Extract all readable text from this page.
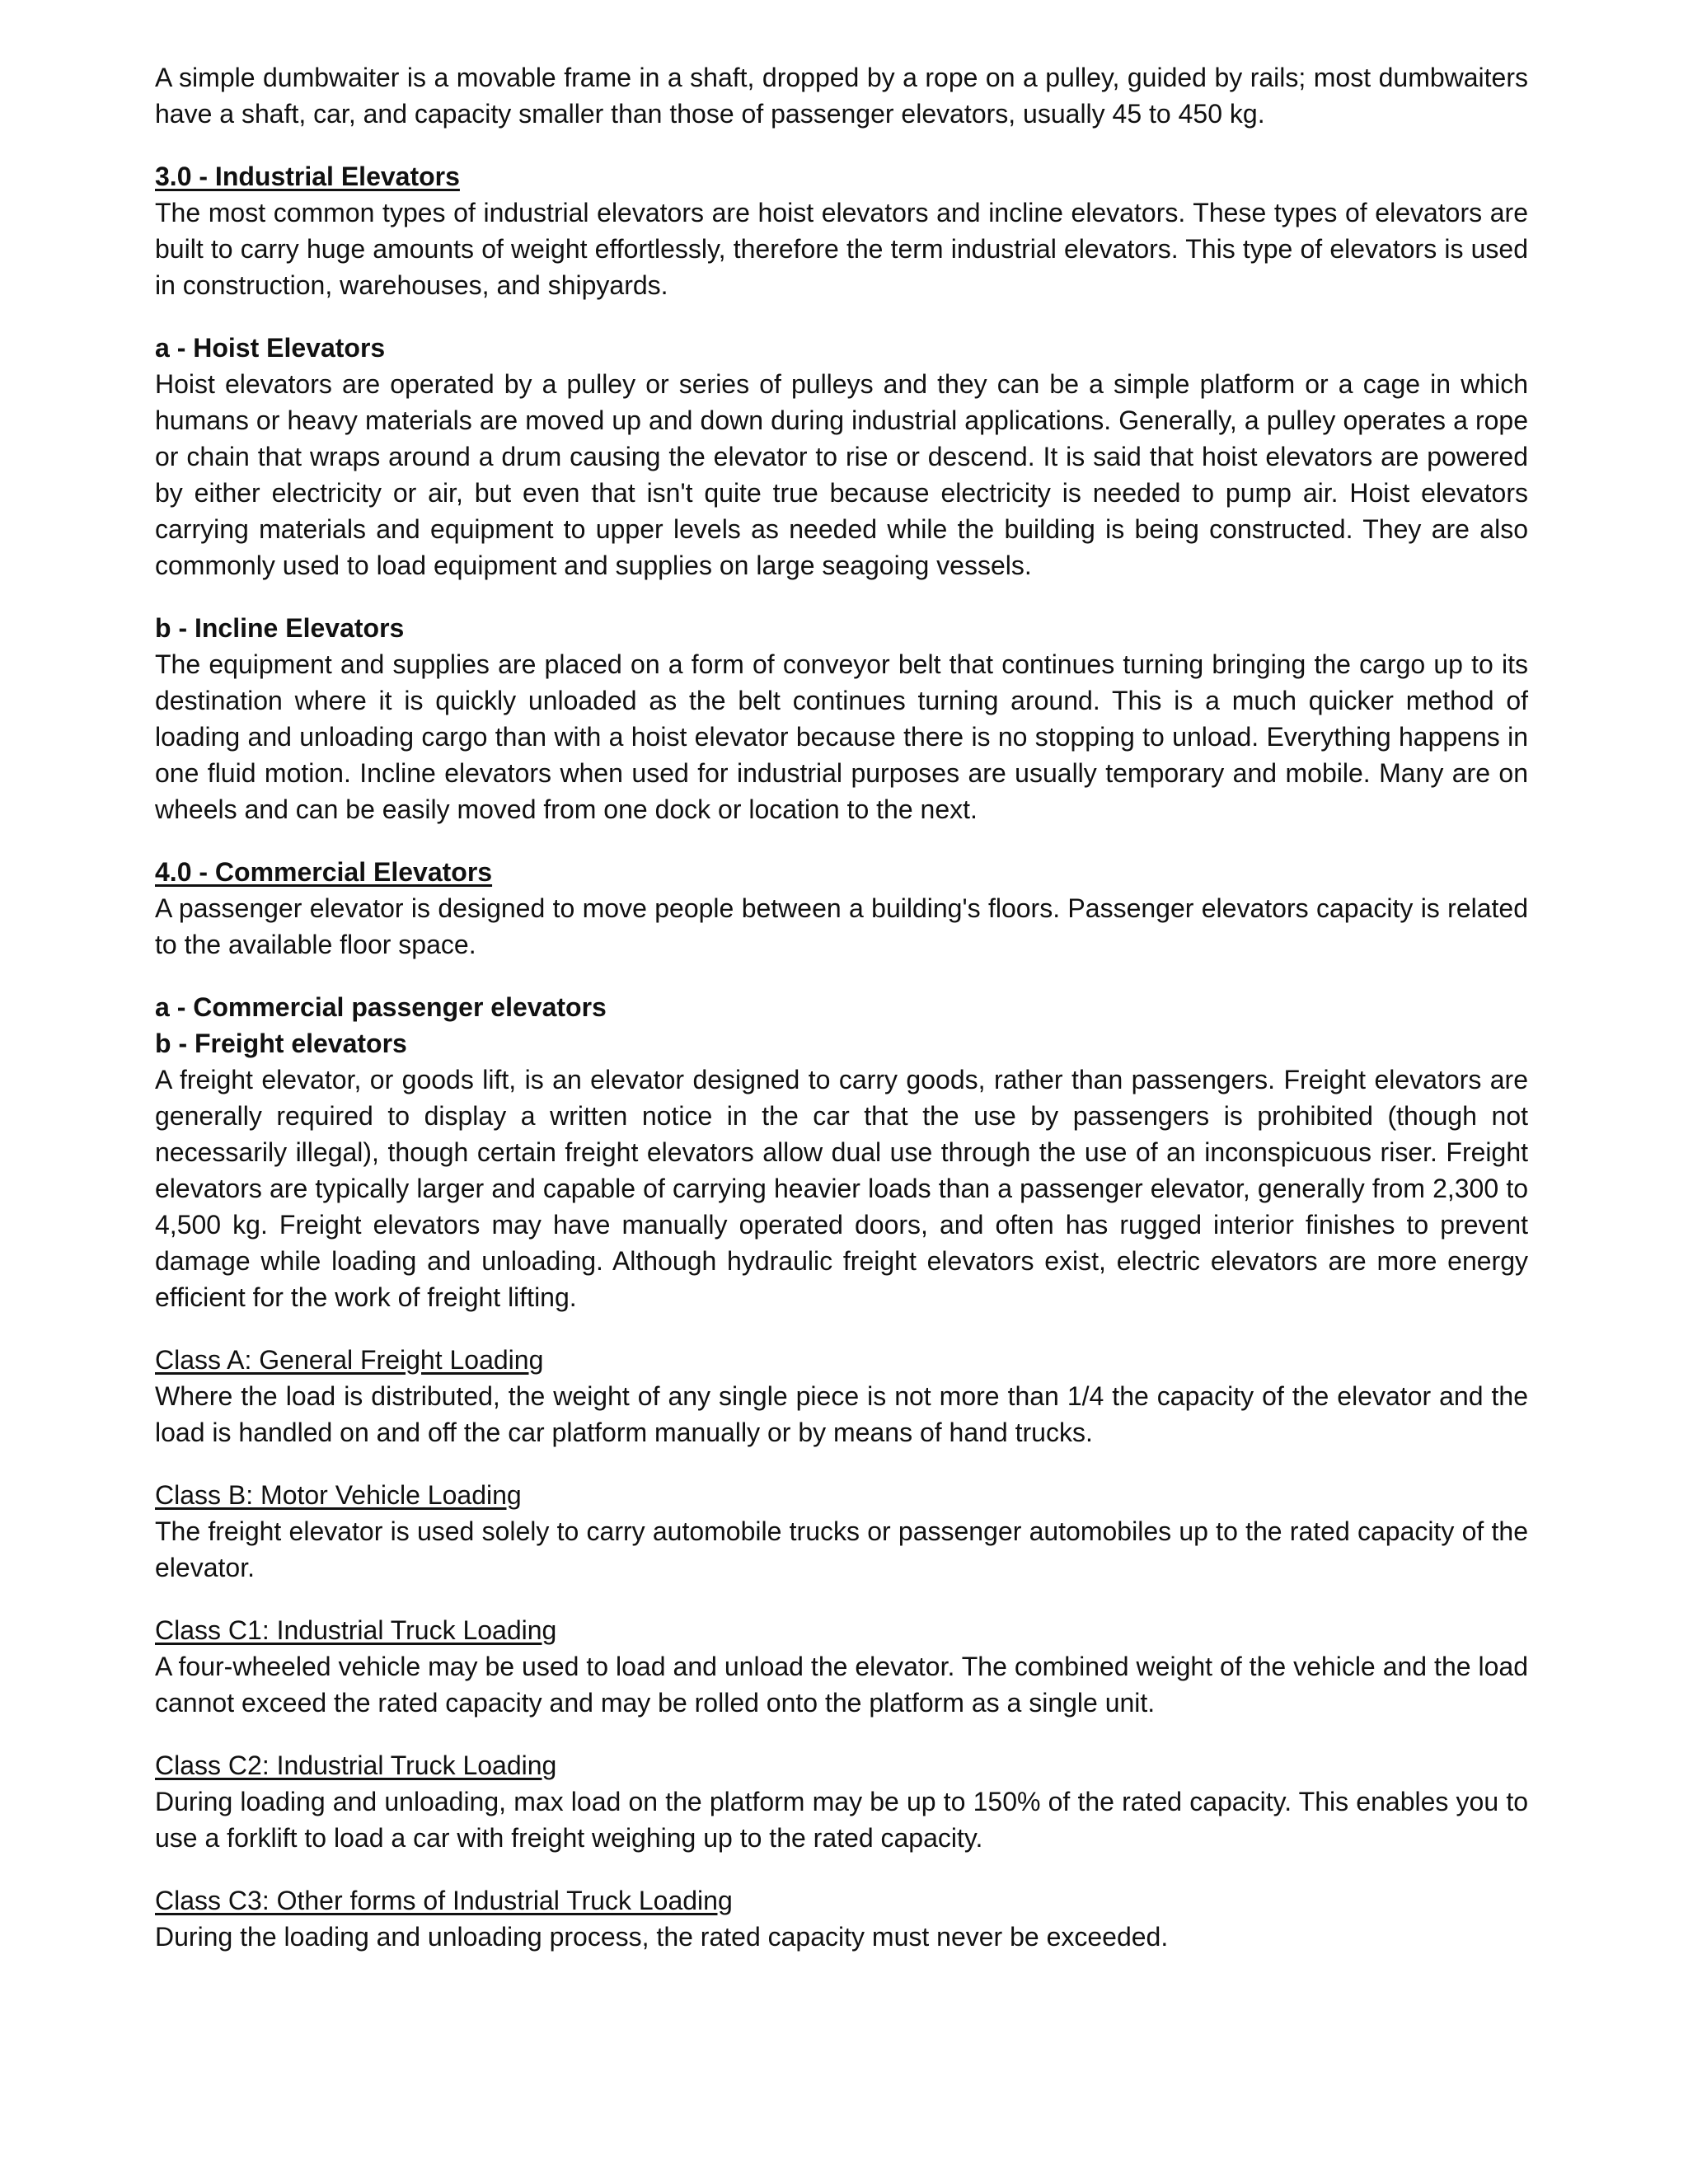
A simple dumbwaiter is a movable frame in a shaft, dropped by a rope on a pulley, guided by rails; most dumbwaiters have a shaft, car, and capacity smaller than those of passenger elevators, usually 45 to 450 kg.

3.0 - Industrial Elevators

The most common types of industrial elevators are hoist elevators and incline elevators. These types of elevators are built to carry huge amounts of weight effortlessly, therefore the term industrial elevators. This type of elevators is used in construction, warehouses, and shipyards.

a - Hoist Elevators

Hoist elevators are operated by a pulley or series of pulleys and they can be a simple platform or a cage in which humans or heavy materials are moved up and down during industrial applications. Generally, a pulley operates a rope or chain that wraps around a drum causing the elevator to rise or descend. It is said that hoist elevators are powered by either electricity or air, but even that isn't quite true because electricity is needed to pump air. Hoist elevators carrying materials and equipment to upper levels as needed while the building is being constructed. They are also commonly used to load equipment and supplies on large seagoing vessels.

b - Incline Elevators

The equipment and supplies are placed on a form of conveyor belt that continues turning bringing the cargo up to its destination where it is quickly unloaded as the belt continues turning around. This is a much quicker method of loading and unloading cargo than with a hoist elevator because there is no stopping to unload. Everything happens in one fluid motion. Incline elevators when used for industrial purposes are usually temporary and mobile. Many are on wheels and can be easily moved from one dock or location to the next.

4.0 - Commercial Elevators

A passenger elevator is designed to move people between a building's floors. Passenger elevators capacity is related to the available floor space.

a - Commercial passenger elevators

b - Freight elevators

A freight elevator, or goods lift, is an elevator designed to carry goods, rather than passengers. Freight elevators are generally required to display a written notice in the car that the use by passengers is prohibited (though not necessarily illegal), though certain freight elevators allow dual use through the use of an inconspicuous riser. Freight elevators are typically larger and capable of carrying heavier loads than a passenger elevator, generally from 2,300 to 4,500 kg. Freight elevators may have manually operated doors, and often has rugged interior finishes to prevent damage while loading and unloading. Although hydraulic freight elevators exist, electric elevators are more energy efficient for the work of freight lifting.

Class A: General Freight Loading

Where the load is distributed, the weight of any single piece is not more than 1/4 the capacity of the elevator and the load is handled on and off the car platform manually or by means of hand trucks.

Class B: Motor Vehicle Loading

The freight elevator is used solely to carry automobile trucks or passenger automobiles up to the rated capacity of the elevator.

Class C1: Industrial Truck Loading

A four-wheeled vehicle may be used to load and unload the elevator. The combined weight of the vehicle and the load cannot exceed the rated capacity and may be rolled onto the platform as a single unit.

Class C2: Industrial Truck Loading

During loading and unloading, max load on the platform may be up to 150% of the rated capacity. This enables you to use a forklift to load a car with freight weighing up to the rated capacity.

Class C3: Other forms of Industrial Truck Loading

During the loading and unloading process, the rated capacity must never be exceeded.
